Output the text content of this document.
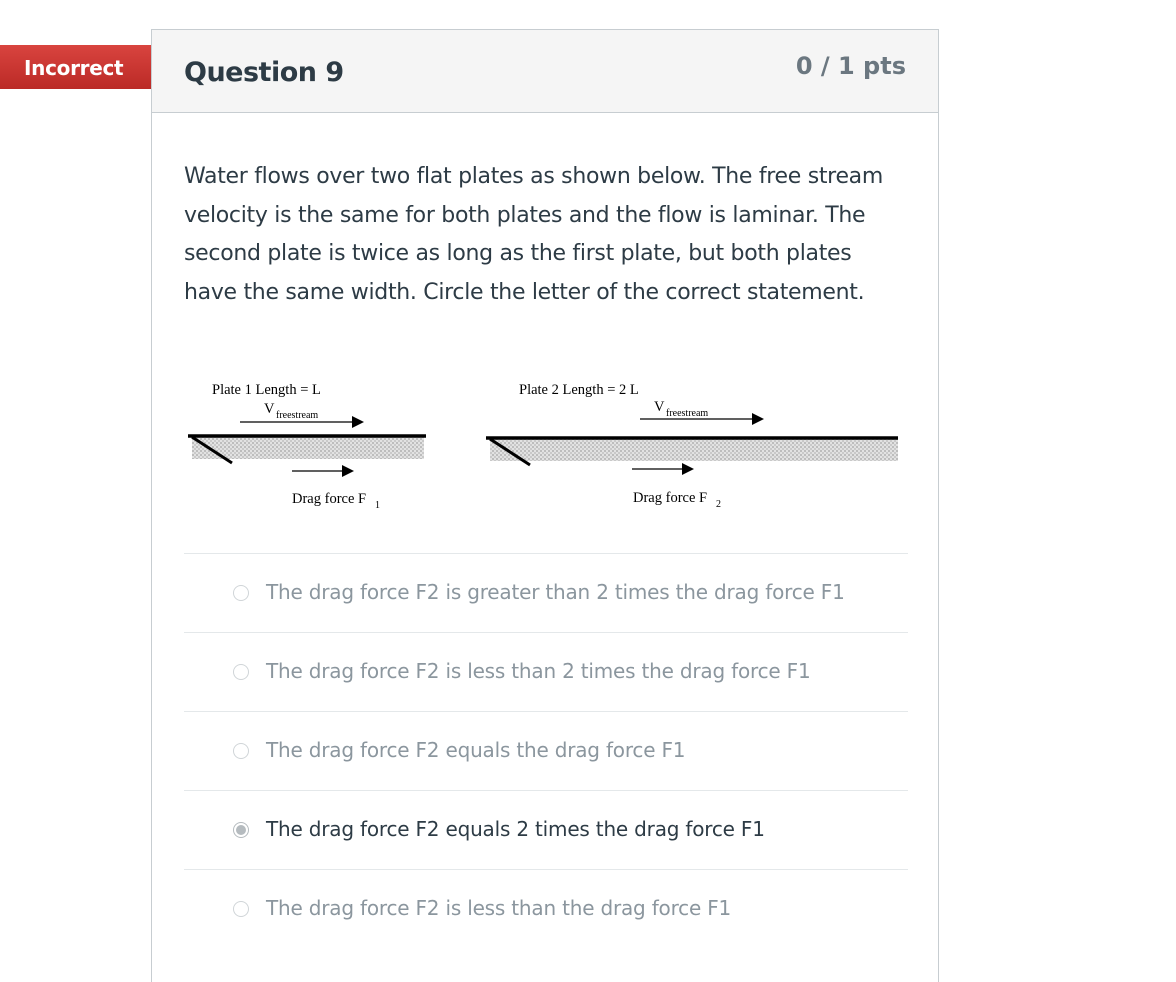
Incorrect Question 9	0 / 1 pts
Water flows over two flat plates as shown below. The free stream velocity is the same for both plates and the flow is laminar. The second plate is twice as long as the first plate, but both plates have the same width. Circle the letter of the correct statement.
Plate 1 Length = L
V freestream
Drag force F 1
Plate 2 Length = 2 L
V freestream
Drag force F 2
The drag force F2 is greater than 2 times the drag force F1
The drag force F2 is less than 2 times the drag force F1
The drag force F2 equals the drag force F1
The drag force F2 equals 2 times the drag force F1
The drag force F2 is less than the drag force F1
